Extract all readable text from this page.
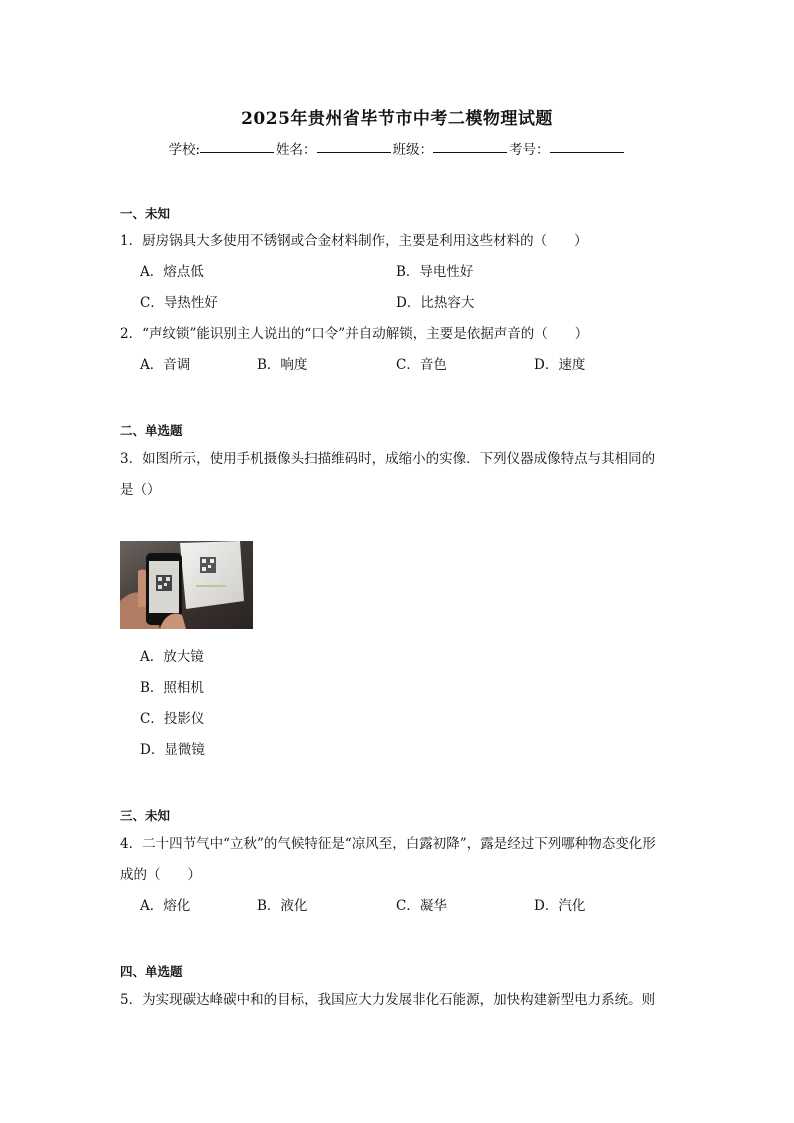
2025年贵州省毕节市中考二模物理试题
学校:	姓名：	班级：	考号：
一、未知
1．厨房锅具大多使用不锈钢或合金材料制作，主要是利用这些材料的（　　）
A．熔点低	B．导电性好
C．导热性好	D．比热容大
2．“声纹锁”能识别主人说出的“口令”并自动解锁，主要是依据声音的（　　）
A．音调	B．响度	C．音色	D．速度
二、单选题
3．如图所示，使用手机摄像头扫描维码时，成缩小的实像．下列仪器成像特点与其相同的
是（）
A．放大镜
B．照相机
C．投影仪
D．显微镜
三、未知
4．二十四节气中“立秋”的气候特征是“凉风至，白露初降”，露是经过下列哪种物态变化形
成的（　　）
A．熔化	B．液化	C．凝华	D．汽化
四、单选题
5．为实现碳达峰碳中和的目标，我国应大力发展非化石能源，加快构建新型电力系统。则
